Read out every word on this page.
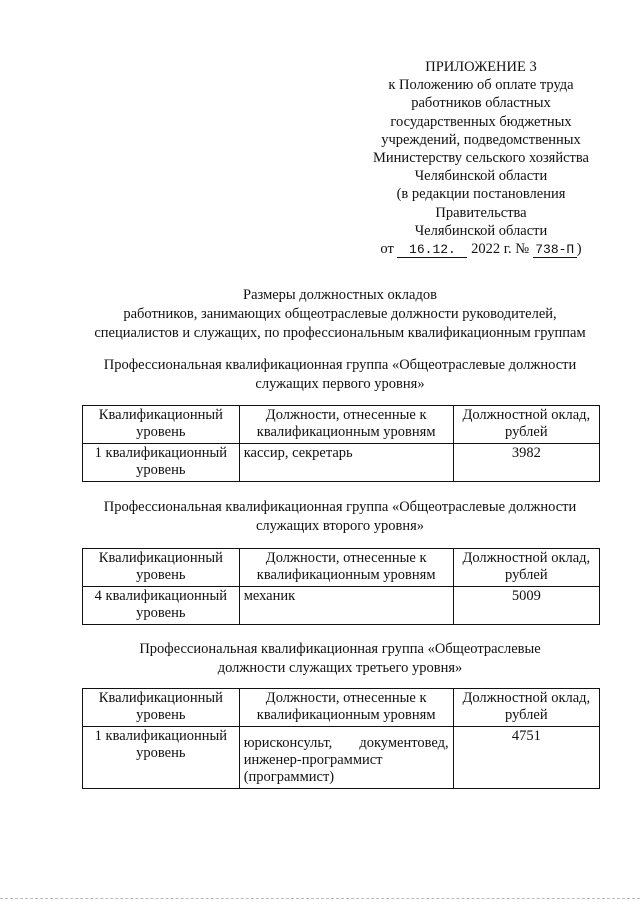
ПРИЛОЖЕНИЕ 3
к Положению об оплате труда
работников областных
государственных бюджетных
учреждений, подведомственных
Министерству сельского хозяйства
Челябинской области
(в редакции постановления
Правительства
Челябинской области
от 16.12. 2022 г. № 738-П )
Размеры должностных окладов
работников, занимающих общеотраслевые должности руководителей,
специалистов и служащих, по профессиональным квалификационным группам
Профессиональная квалификационная группа «Общеотраслевые должности
служащих первого уровня»
Квалификационный уровень	Должности, отнесенные к квалификационным уровням	Должностной оклад, рублей
1 квалификационный уровень	кассир, секретарь	3982
Профессиональная квалификационная группа «Общеотраслевые должности
служащих второго уровня»
Квалификационный уровень	Должности, отнесенные к квалификационным уровням	Должностной оклад, рублей
4 квалификационный уровень	механик	5009
Профессиональная квалификационная группа «Общеотраслевые
должности служащих третьего уровня»
Квалификационный уровень	Должности, отнесенные к квалификационным уровням	Должностной оклад, рублей
1 квалификационный уровень	юрисконсульт, документовед,
инженер-программист (программист)	4751
